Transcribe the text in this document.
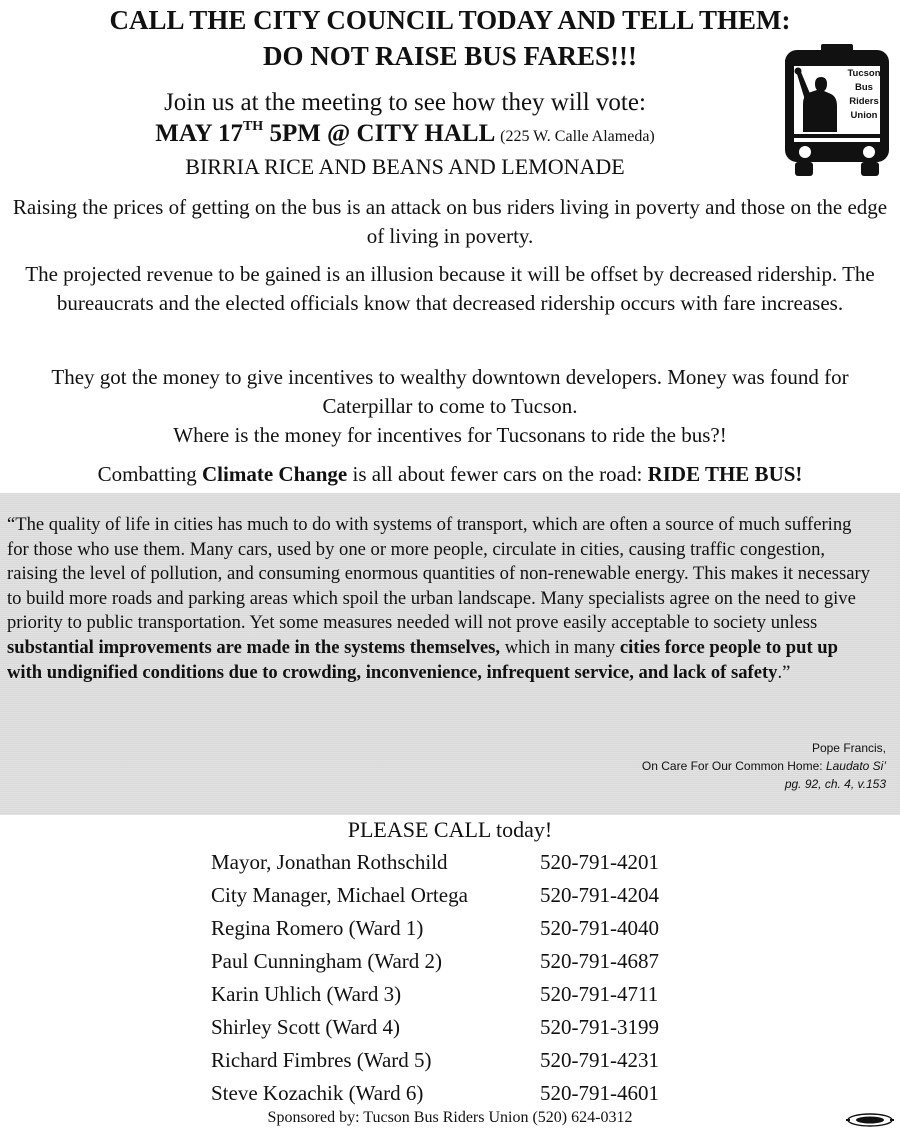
CALL THE CITY COUNCIL TODAY AND TELL THEM:
DO NOT RAISE BUS FARES!!!
Tucson
Bus
Riders
Union
Join us at the meeting to see how they will vote:
MAY 17TH 5PM @ CITY HALL (225 W. Calle Alameda)
BIRRIA RICE AND BEANS AND LEMONADE
Raising the prices of getting on the bus is an attack on bus riders living in poverty and those on the edge of living in poverty.
The projected revenue to be gained is an illusion because it will be offset by decreased ridership. The bureaucrats and the elected officials know that decreased ridership occurs with fare increases.
They got the money to give incentives to wealthy downtown developers. Money was found for Caterpillar to come to Tucson.
Where is the money for incentives for Tucsonans to ride the bus?!
Combatting Climate Change is all about fewer cars on the road: RIDE THE BUS!
“The quality of life in cities has much to do with systems of transport, which are often a source of much suffering for those who use them. Many cars, used by one or more people, circulate in cities, causing traffic congestion, raising the level of pollution, and consuming enormous quantities of non-renewable energy. This makes it necessary to build more roads and parking areas which spoil the urban landscape. Many specialists agree on the need to give priority to public transportation. Yet some measures needed will not prove easily acceptable to society unless substantial improvements are made in the systems themselves, which in many cities force people to put up with undignified conditions due to crowding, inconvenience, infrequent service, and lack of safety.”
Pope Francis,
On Care For Our Common Home: Laudato Si’
pg. 92, ch. 4, v.153
PLEASE CALL today!
Mayor, Jonathan Rothschild	520-791-4201
City Manager, Michael Ortega	520-791-4204
Regina Romero (Ward 1)	520-791-4040
Paul Cunningham (Ward 2)	520-791-4687
Karin Uhlich (Ward 3)	520-791-4711
Shirley Scott (Ward 4)	520-791-3199
Richard Fimbres (Ward 5)	520-791-4231
Steve Kozachik (Ward 6)	520-791-4601
Sponsored by: Tucson Bus Riders Union (520) 624-0312
